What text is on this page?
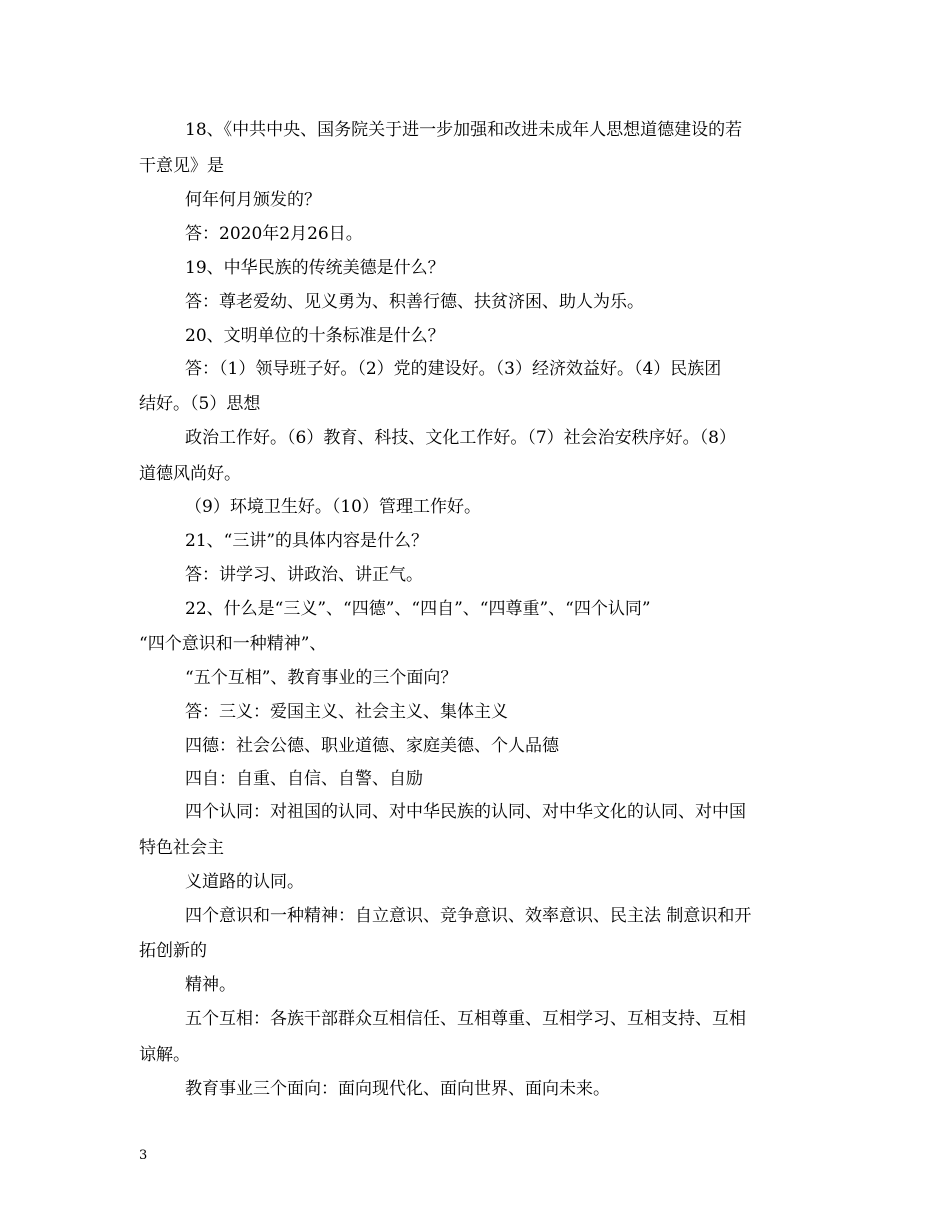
18、《中共中央、国务院关于进一步加强和改进未成年人思想道德建设的若
干意见》是
何年何月颁发的？
答：2020年2月26日。
19、中华民族的传统美德是什么？
答：尊老爱幼、见义勇为、积善行德、扶贫济困、助人为乐。
20、文明单位的十条标准是什么？
答：（1）领导班子好。（2）党的建设好。（3）经济效益好。（4）民族团
结好。（5）思想
政治工作好。（6）教育、科技、文化工作好。（7）社会治安秩序好。（8）
道德风尚好。
（9）环境卫生好。（10）管理工作好。
21、“三讲”的具体内容是什么？
答：讲学习、讲政治、讲正气。
22、什么是“三义”、“四德”、“四自”、“四尊重”、“四个认同”
“四个意识和一种精神”、
“五个互相”、教育事业的三个面向？
答：三义：爱国主义、社会主义、集体主义
四德：社会公德、职业道德、家庭美德、个人品德
四自：自重、自信、自警、自励
四个认同：对祖国的认同、对中华民族的认同、对中华文化的认同、对中国
特色社会主
义道路的认同。
四个意识和一种精神：自立意识、竞争意识、效率意识、民主法 制意识和开
拓创新的
精神。
五个互相：各族干部群众互相信任、互相尊重、互相学习、互相支持、互相
谅解。
教育事业三个面向：面向现代化、面向世界、面向未来。
3
